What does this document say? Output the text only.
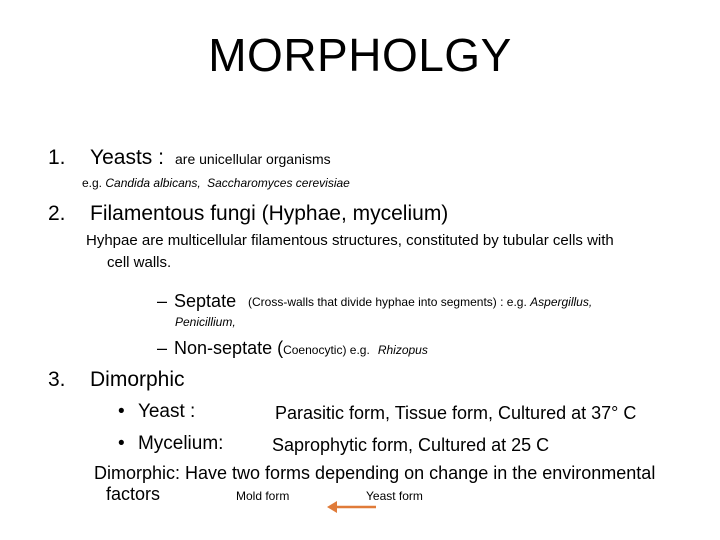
MORPHOLGY
1. Yeasts : are unicellular organisms
e.g. Candida albicans, Saccharomyces cerevisiae
2. Filamentous fungi (Hyphae, mycelium)
Hyhpae are multicellular filamentous structures, constituted by tubular cells with
cell walls.
– Septate (Cross-walls that divide hyphae into segments) : e.g. Aspergillus,
Penicillium,
– Non-septate (Coenocytic) e.g. Rhizopus
3. Dimorphic
• Yeast :	Parasitic form, Tissue form, Cultured at 37° C
• Mycelium:	Saprophytic form, Cultured at 25 C
Dimorphic: Have two forms depending on change in the environmental
factors	Mold form	Yeast form
